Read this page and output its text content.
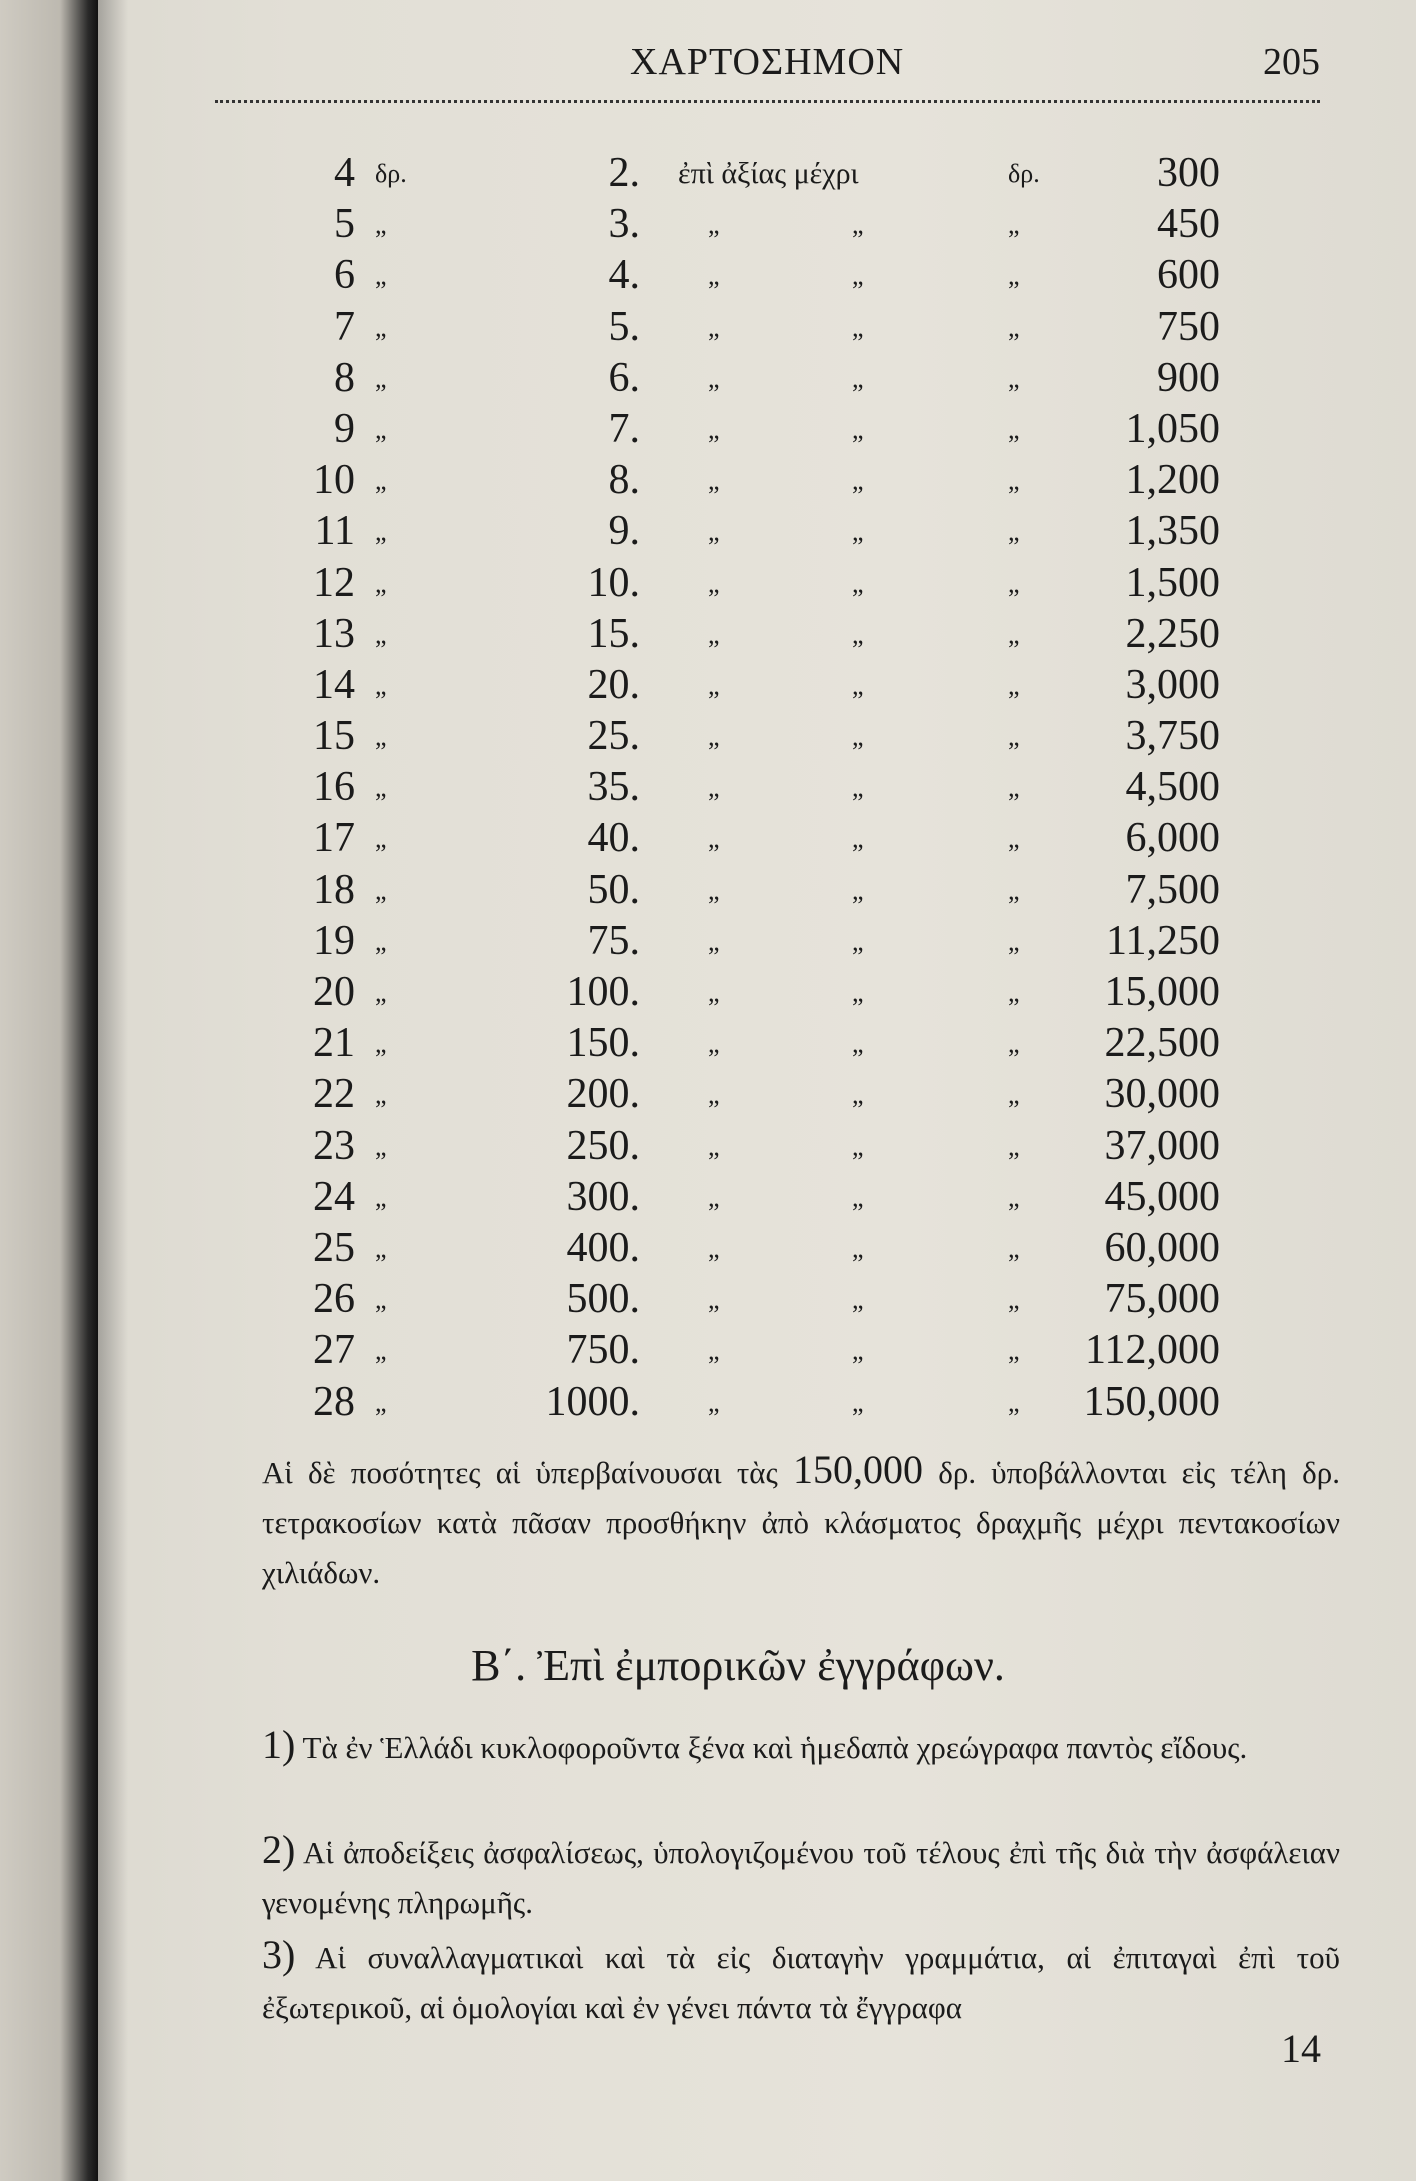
ΧΑΡΤΟΣΗΜΟΝ	205
4 δρ.	2. ἐπὶ ἀξίας μέχρι	δρ.	300
5 „	3.	„	„	„	450
6 „	4.	„	„	„	600
7 „	5.	„	„	„	750
8 „	6.	„	„	„	900
9 „	7.	„	„	„	1,050
10 „	8.	„	„	„	1,200
11 „	9.	„	„	„	1,350
12 „	10.	„	„	„	1,500
13 „	15.	„	„	„	2,250
14 „	20.	„	„	„	3,000
15 „	25.	„	„	„	3,750
16 „	35.	„	„	„	4,500
17 „	40.	„	„	„	6,000
18 „	50.	„	„	„	7,500
19 „	75.	„	„	„	11,250
20 „	100.	„	„	„	15,000
21 „	150.	„	„	„	22,500
22 „	200.	„	„	„	30,000
23 „	250.	„	„	„	37,000
24 „	300.	„	„	„	45,000
25 „	400.	„	„	„	60,000
26 „	500.	„	„	„	75,000
27 „	750.	„	„	„	112,000
28 „	1000.	„	„	„	150,000
Αἱ δὲ ποσότητες αἱ ὑπερβαίνουσαι τὰς 150,000 δρ. ὑποβάλλονται εἰς τέλη δρ. τετρακοσίων κατὰ πᾶσαν προσθήκην ἀπὸ κλάσματος δραχμῆς μέχρι πεντακοσίων χιλιάδων.
Β΄. Ἐπὶ ἐμπορικῶν ἐγγράφων.
1) Τὰ ἐν Ἑλλάδι κυκλοφοροῦντα ξένα καὶ ἡμεδαπὰ χρεώγραφα παντὸς εἴδους.
2) Αἱ ἀποδείξεις ἀσφαλίσεως, ὑπολογιζομένου τοῦ τέλους ἐπὶ τῆς διὰ τὴν ἀσφάλειαν γενομένης πληρωμῆς.
3) Αἱ συναλλαγματικαὶ καὶ τὰ εἰς διαταγὴν γραμμάτια, αἱ ἐπιταγαὶ ἐπὶ τοῦ ἐξωτερικοῦ, αἱ ὁμολογίαι καὶ ἐν γένει πάντα τὰ ἔγγραφα
14
